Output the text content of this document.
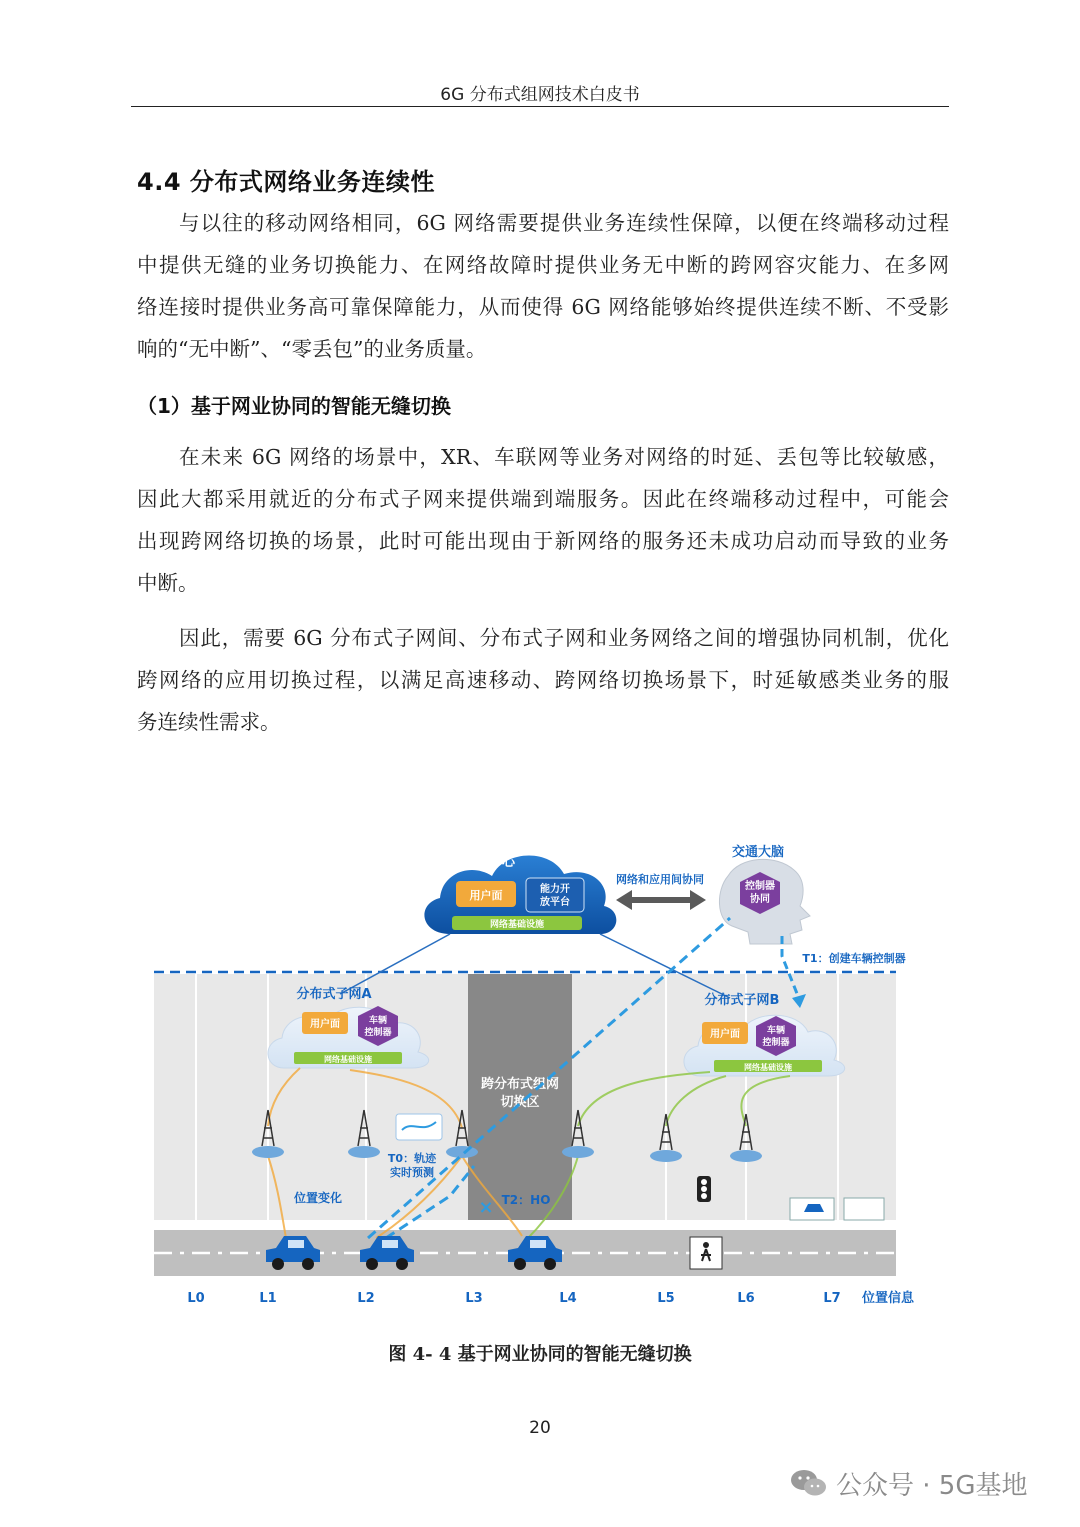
6G 分布式组网技术白皮书
4.4 分布式网络业务连续性
与以往的移动网络相同，6G 网络需要提供业务连续性保障，以便在终端移动过程
中提供无缝的业务切换能力、在网络故障时提供业务无中断的跨网容灾能力、在多网
络连接时提供业务高可靠保障能力，从而使得 6G 网络能够始终提供连续不断、不受影
响的“无中断”、“零丢包”的业务质量。
（1）基于网业协同的智能无缝切换
在未来 6G 网络的场景中，XR、车联网等业务对网络的时延、丢包等比较敏感，
因此大都采用就近的分布式子网来提供端到端服务。因此在终端移动过程中，可能会
出现跨网络切换的场景，此时可能出现由于新网络的服务还未成功启动而导致的业务
中断。
因此，需要 6G 分布式子网间、分布式子网和业务网络之间的增强协同机制，优化
跨网络的应用切换过程，以满足高速移动、跨网络切换场景下，时延敏感类业务的服
务连续性需求。
跨分布式组网
切换区
中心
用户面	能力开
放平台
网络基础设施
网络和应用间协同
交通大脑
控制器
协同
T1：创建车辆控制器
分布式子网A
用户面	车辆
控制器
网络基础设施
分布式子网B
用户面	车辆
控制器
网络基础设施
T0：轨迹
实时预测
位置变化	T2：HO
×
L0	L1	L2	L3	L4	L5	L6	L7 位置信息
图 4- 4 基于网业协同的智能无缝切换
20
公众号 · 5G基地
